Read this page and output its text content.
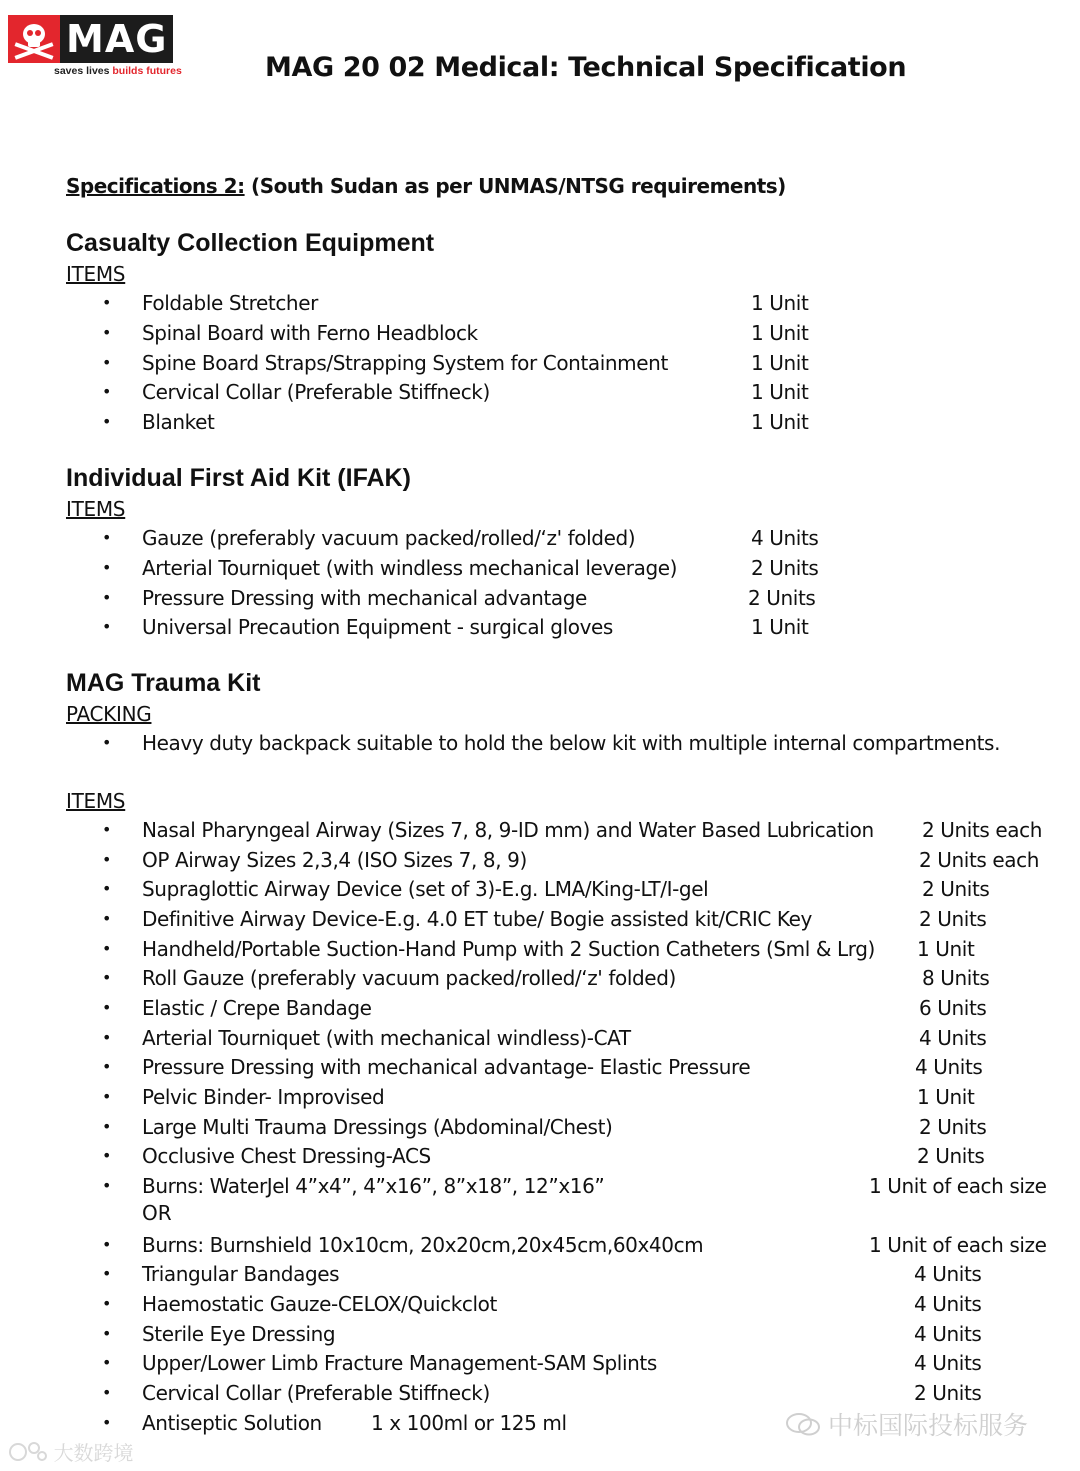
MAG
saves lives builds futures	MAG 20 02 Medical: Technical Specification
Specifications 2: (South Sudan as per UNMAS/NTSG requirements)
Casualty Collection Equipment
ITEMS
• Foldable Stretcher	1 Unit
• Spinal Board with Ferno Headblock	1 Unit
• Spine Board Straps/Strapping System for Containment	1 Unit
• Cervical Collar (Preferable Stiffneck)	1 Unit
• Blanket	1 Unit
Individual First Aid Kit (IFAK)
ITEMS
• Gauze (preferably vacuum packed/rolled/‘z' folded)	4 Units
• Arterial Tourniquet (with windless mechanical leverage)	2 Units
• Pressure Dressing with mechanical advantage	2 Units
• Universal Precaution Equipment - surgical gloves	1 Unit
MAG Trauma Kit
PACKING
• Heavy duty backpack suitable to hold the below kit with multiple internal compartments.
ITEMS
• Nasal Pharyngeal Airway (Sizes 7, 8, 9-ID mm) and Water Based Lubrication 2 Units each
• OP Airway Sizes 2,3,4 (ISO Sizes 7, 8, 9)	2 Units each
• Supraglottic Airway Device (set of 3)-E.g. LMA/King-LT/I-gel	2 Units
• Definitive Airway Device-E.g. 4.0 ET tube/ Bogie assisted kit/CRIC Key	2 Units
• Handheld/Portable Suction-Hand Pump with 2 Suction Catheters (Sml & Lrg) 1 Unit
• Roll Gauze (preferably vacuum packed/rolled/‘z' folded)	8 Units
• Elastic / Crepe Bandage	6 Units
• Arterial Tourniquet (with mechanical windless)-CAT	4 Units
• Pressure Dressing with mechanical advantage- Elastic Pressure	4 Units
• Pelvic Binder- Improvised	1 Unit
• Large Multi Trauma Dressings (Abdominal/Chest)	2 Units
• Occlusive Chest Dressing-ACS	2 Units
• Burns: WaterJel 4”x4”, 4”x16”, 8”x18”, 12”x16”	1 Unit of each size
• Burns: Burnshield 10x10cm, 20x20cm,20x45cm,60x40cm	1 Unit of each size
• Triangular Bandages	4 Units
• Haemostatic Gauze-CELOX/Quickclot	4 Units
• Sterile Eye Dressing	4 Units
• Upper/Lower Limb Fracture Management-SAM Splints	4 Units
• Cervical Collar (Preferable Stiffneck)	2 Units
• Antiseptic Solution 1 x 100ml or 125 ml
OR
中标国际投标服务
大数跨境
